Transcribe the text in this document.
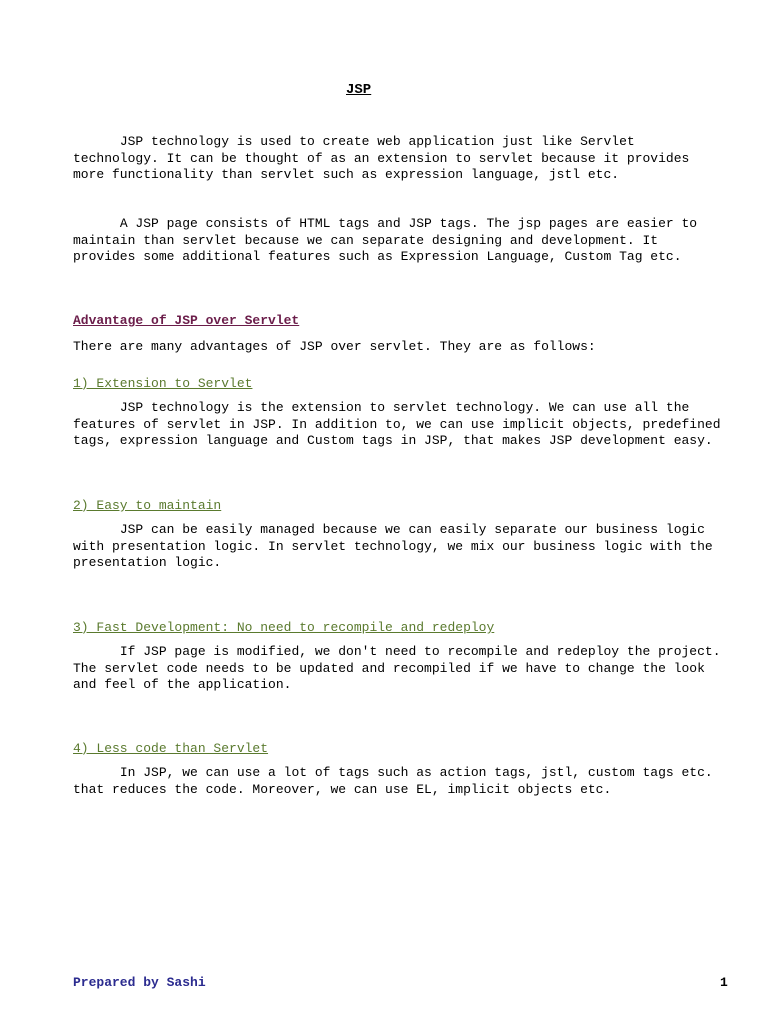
JSP
JSP technology is used to create web application just like Servlet
technology. It can be thought of as an extension to servlet because it provides
more functionality than servlet such as expression language, jstl etc.
A JSP page consists of HTML tags and JSP tags. The jsp pages are easier to
maintain than servlet because we can separate designing and development. It
provides some additional features such as Expression Language, Custom Tag etc.
Advantage of JSP over Servlet
There are many advantages of JSP over servlet. They are as follows:
1) Extension to Servlet
JSP technology is the extension to servlet technology. We can use all the
features of servlet in JSP. In addition to, we can use implicit objects, predefined
tags, expression language and Custom tags in JSP, that makes JSP development easy.
2) Easy to maintain
JSP can be easily managed because we can easily separate our business logic
with presentation logic. In servlet technology, we mix our business logic with the
presentation logic.
3) Fast Development: No need to recompile and redeploy
If JSP page is modified, we don't need to recompile and redeploy the project.
The servlet code needs to be updated and recompiled if we have to change the look
and feel of the application.
4) Less code than Servlet
In JSP, we can use a lot of tags such as action tags, jstl, custom tags etc.
that reduces the code. Moreover, we can use EL, implicit objects etc.
Prepared by Sashi	1
